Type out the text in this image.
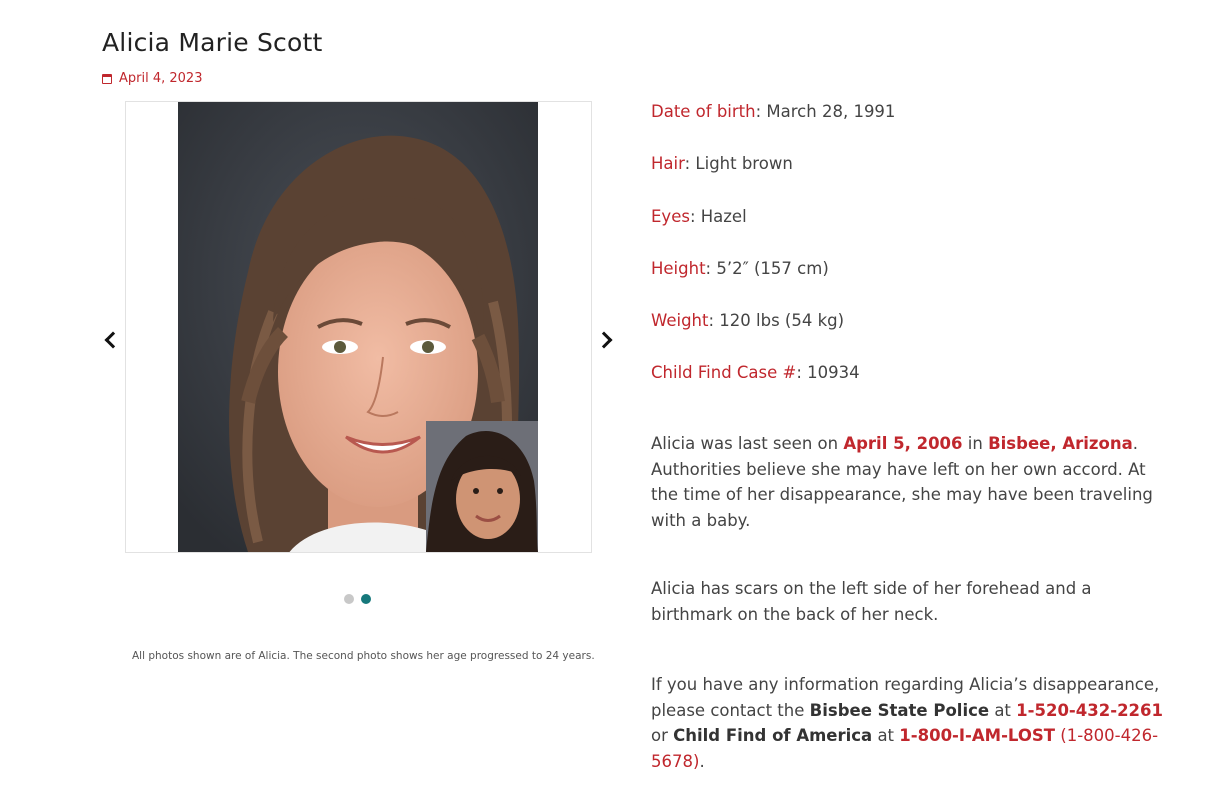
Alicia Marie Scott
April 4, 2023
All photos shown are of Alicia. The second photo shows her age progressed to 24 years.
Date of birth: March 28, 1991
Hair: Light brown
Eyes: Hazel
Height: 5’2″ (157 cm)
Weight: 120 lbs (54 kg)
Child Find Case #: 10934

Alicia was last seen on April 5, 2006 in Bisbee, Arizona. Authorities believe she may have left on her own accord. At the time of her disappearance, she may have been traveling with a baby.

Alicia has scars on the left side of her forehead and a birthmark on the back of her neck.

If you have any information regarding Alicia’s disappearance, please contact the Bisbee State Police at 1-520-432-2261 or Child Find of America at 1-800-I-AM-LOST (1-800-426-5678).
